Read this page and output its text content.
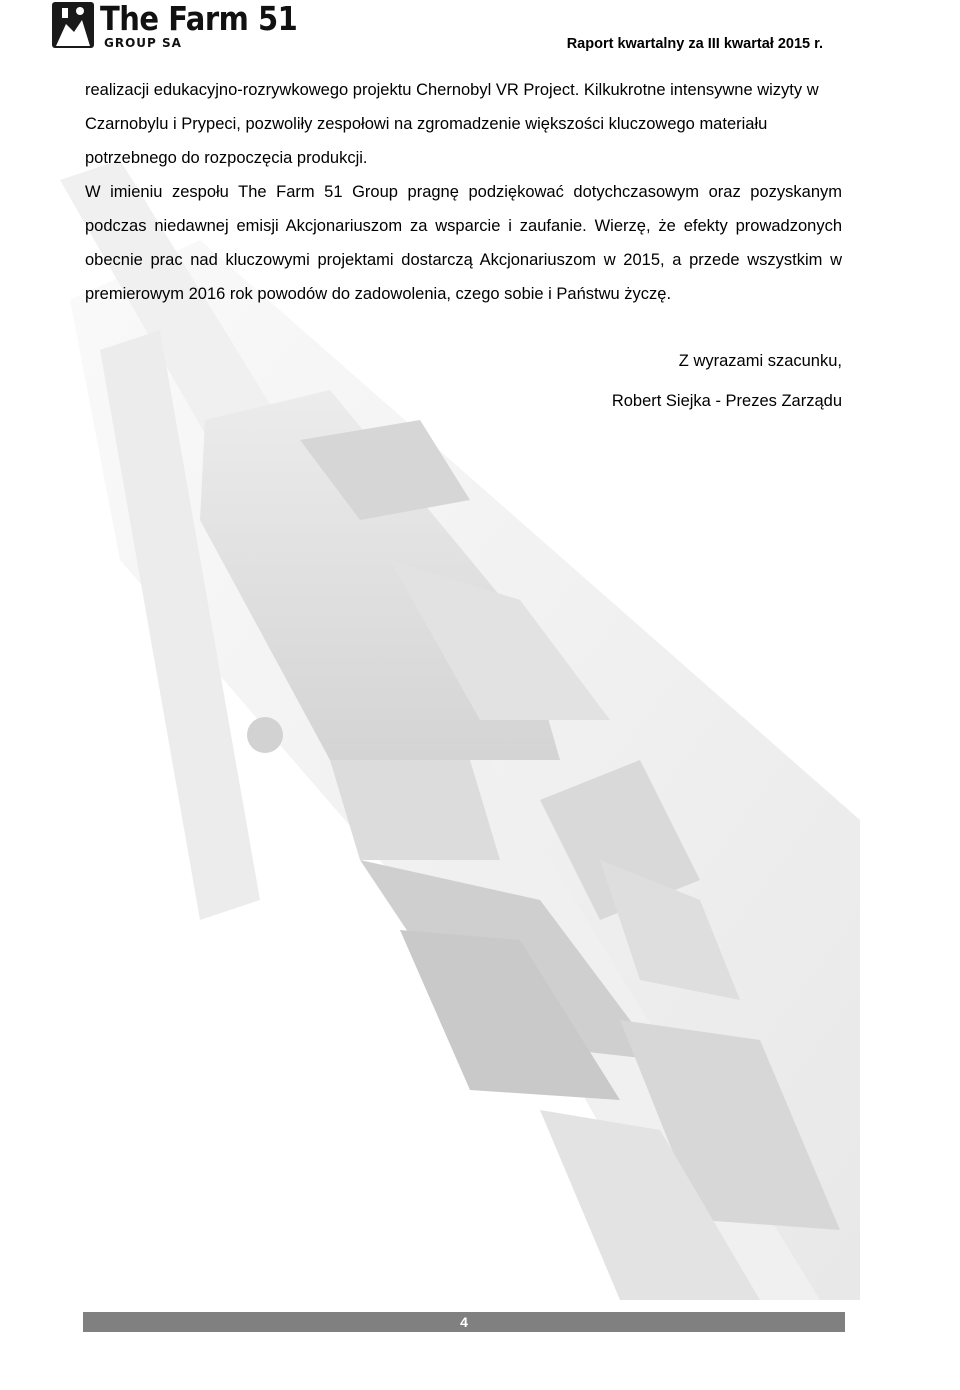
The Farm 51
GROUP SA	Raport kwartalny za III kwartał 2015 r.

realizacji edukacyjno-rozrywkowego projektu Chernobyl VR Project. Kilkukrotne intensywne wizyty w Czarnobylu i Prypeci, pozwoliły zespołowi na zgromadzenie większości kluczowego materiału potrzebnego do rozpoczęcia produkcji.

W imieniu zespołu The Farm 51 Group pragnę podziękować dotychczasowym oraz pozyskanym podczas niedawnej emisji Akcjonariuszom za wsparcie i zaufanie. Wierzę, że efekty prowadzonych obecnie prac nad kluczowymi projektami dostarczą Akcjonariuszom w 2015, a przede wszystkim w premierowym 2016 rok powodów do zadowolenia, czego sobie i Państwu życzę.

Z wyrazami szacunku,

Robert Siejka - Prezes Zarządu

4
